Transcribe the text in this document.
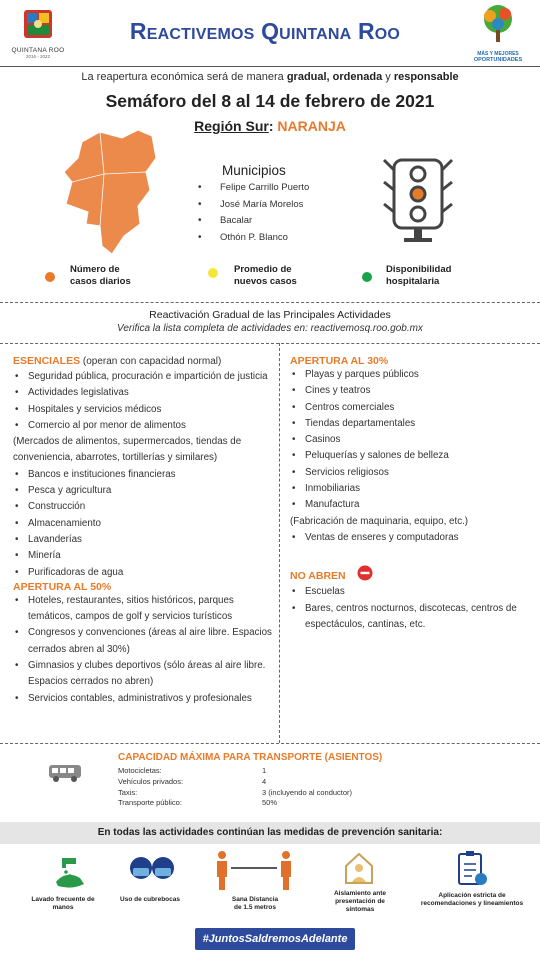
QUINTANA ROO
2016 - 2022
Reactivemos Quintana Roo
MÁS Y MEJORES
OPORTUNIDADES
La reapertura económica será de manera gradual, ordenada y responsable
Semáforo del 8 al 14 de febrero de 2021
Región Sur: NARANJA
Municipios
• Felipe Carrillo Puerto
• José María Morelos
• Bacalar
• Othón P. Blanco
Número de
casos diarios
Promedio de
nuevos casos
Disponibilidad
hospitalaria
Reactivación Gradual de las Principales Actividades
Verifica la lista completa de actividades en: reactivemosq.roo.gob.mx
ESENCIALES (operan con capacidad normal)
• Seguridad pública, procuración e impartición de justicia
• Actividades legislativas
• Hospitales y servicios médicos
• Comercio al por menor de alimentos
(Mercados de alimentos, supermercados, tiendas de conveniencia, abarrotes, tortillerías y similares)
• Bancos e instituciones financieras
• Pesca y agricultura
• Construcción
• Almacenamiento
• Lavanderías
• Minería
• Purificadoras de agua
APERTURA AL 50%
• Hoteles, restaurantes, sitios históricos, parques temáticos, campos de golf y servicios turísticos
• Congresos y convenciones (áreas al aire libre. Espacios cerrados abren al 30%)
• Gimnasios y clubes deportivos (sólo áreas al aire libre. Espacios cerrados no abren)
• Servicios contables, administrativos y profesionales
APERTURA AL 30%
• Playas y parques públicos
• Cines y teatros
• Centros comerciales
• Tiendas departamentales
• Casinos
• Peluquerías y salones de belleza
• Servicios religiosos
• Inmobiliarias
• Manufactura
(Fabricación de maquinaria, equipo, etc.)
• Ventas de enseres y computadoras
NO ABREN
• Escuelas
• Bares, centros nocturnos, discotecas, centros de espectáculos, cantinas, etc.
CAPACIDAD MÁXIMA PARA TRANSPORTE (ASIENTOS)
Motocicletas:	1
Vehículos privados:	4
Taxis:	3 (incluyendo al conductor)
Transporte público:	50%
En todas las actividades continúan las medidas de prevención sanitaria:
Lavado frecuente de
manos
Uso de cubrebocas	Sana Distancia
de 1.5 metros
Aislamiento ante
presentación de
síntomas
Aplicación estricta de
recomendaciones y lineamientos
#JuntosSaldremosAdelante
